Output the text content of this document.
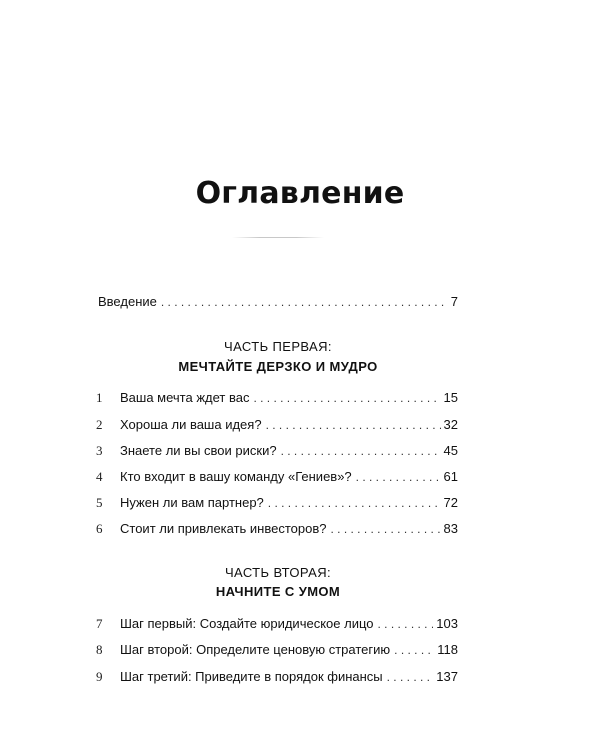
Оглавление
Введение . . .	7
ЧАСТЬ ПЕРВАЯ:
МЕЧТАЙТЕ ДЕРЗКО И МУДРО
1	Ваша мечта ждет вас . . .	15
2	Хороша ли ваша идея? . . .	32
3	Знаете ли вы свои риски? . . .	45
4	Кто входит в вашу команду «Гениев»? . . .	61
5	Нужен ли вам партнер? . . .	72
6	Стоит ли привлекать инвесторов? . . .	83
ЧАСТЬ ВТОРАЯ:
НАЧНИТЕ С УМОМ
7	Шаг первый: Создайте юридическое лицо . . .	103
8	Шаг второй: Определите ценовую стратегию . . .	118
9	Шаг третий: Приведите в порядок финансы . . .	137
